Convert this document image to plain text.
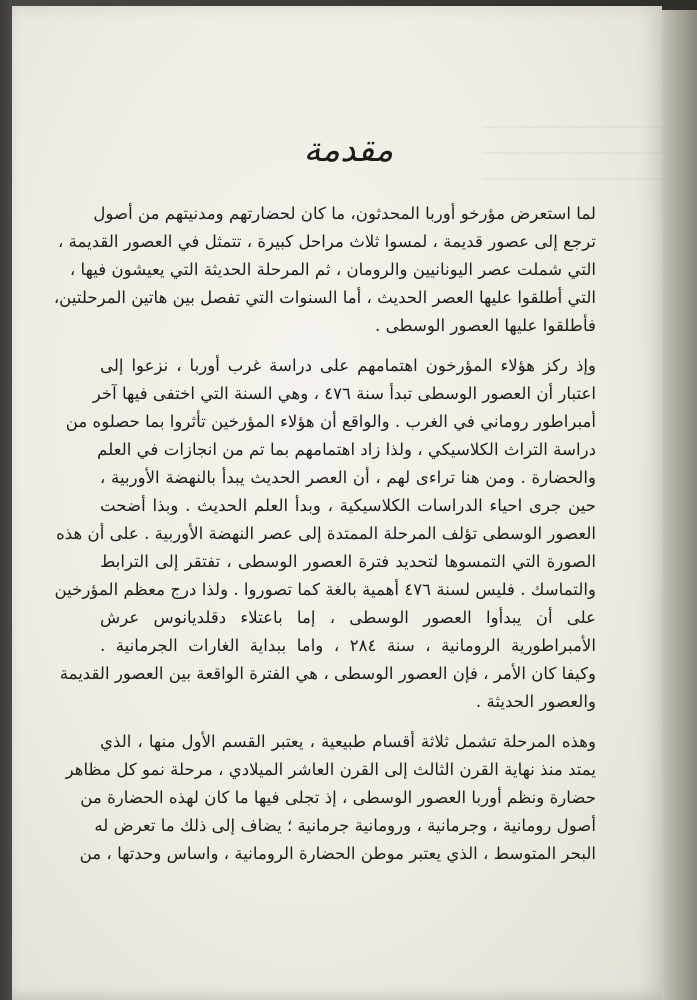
مقدمة

لما استعرض مؤرخو أوربا المحدثون، ما كان لحضارتهم ومدنيتهم من أصول
ترجع إلى عصور قديمة ، لمسوا ثلاث مراحل كبيرة ، تتمثل في العصور القديمة ،
التي شملت عصر اليونانيين والرومان ، ثم المرحلة الحديثة التي يعيشون فيها ،
التي أطلقوا عليها العصر الحديث ، أما السنوات التي تفصل بين هاتين المرحلتين،
فأطلقوا عليها العصور الوسطى .

وإذ ركز هؤلاء المؤرخون اهتمامهم على دراسة غرب أوربا ، نزعوا إلى
اعتبار أن العصور الوسطى تبدأ سنة ٤٧٦ ، وهي السنة التي اختفى فيها آخر
أمبراطور روماني في الغرب . والواقع أن هؤلاء المؤرخين تأثروا بما حصلوه من
دراسة التراث الكلاسيكي ، ولذا زاد اهتمامهم بما تم من انجازات في العلم
والحضارة . ومن هنا تراءى لهم ، أن العصر الحديث يبدأ بالنهضة الأوربية ،
حين جرى احياء الدراسات الكلاسيكية ، وبدأ العلم الحديث . وبذا أضحت
العصور الوسطى تؤلف المرحلة الممتدة إلى عصر النهضة الأوربية . على أن هذه
الصورة التي التمسوها لتحديد فترة العصور الوسطى ، تفتقر إلى الترابط
والتماسك . فليس لسنة ٤٧٦ أهمية بالغة كما تصوروا . ولذا درج معظم المؤرخين
على أن يبدأوا العصور الوسطى ، إما باعتلاء دقلديانوس عرش
الأمبراطورية الرومانية ، سنة ٢٨٤ ، واما ببداية الغارات الجرمانية .
وكيفا كان الأمر ، فإن العصور الوسطى ، هي الفترة الواقعة بين العصور القديمة
والعصور الحديثة .

وهذه المرحلة تشمل ثلاثة أقسام طبيعية ، يعتبر القسم الأول منها ، الذي
يمتد منذ نهاية القرن الثالث إلى القرن العاشر الميلادي ، مرحلة نمو كل مظاهر
حضارة ونظم أوربا العصور الوسطى ، إذ تجلى فيها ما كان لهذه الحضارة من
أصول رومانية ، وجرمانية ، ورومانية جرمانية ؛ يضاف إلى ذلك ما تعرض له
البحر المتوسط ، الذي يعتبر موطن الحضارة الرومانية ، واساس وحدتها ، من
